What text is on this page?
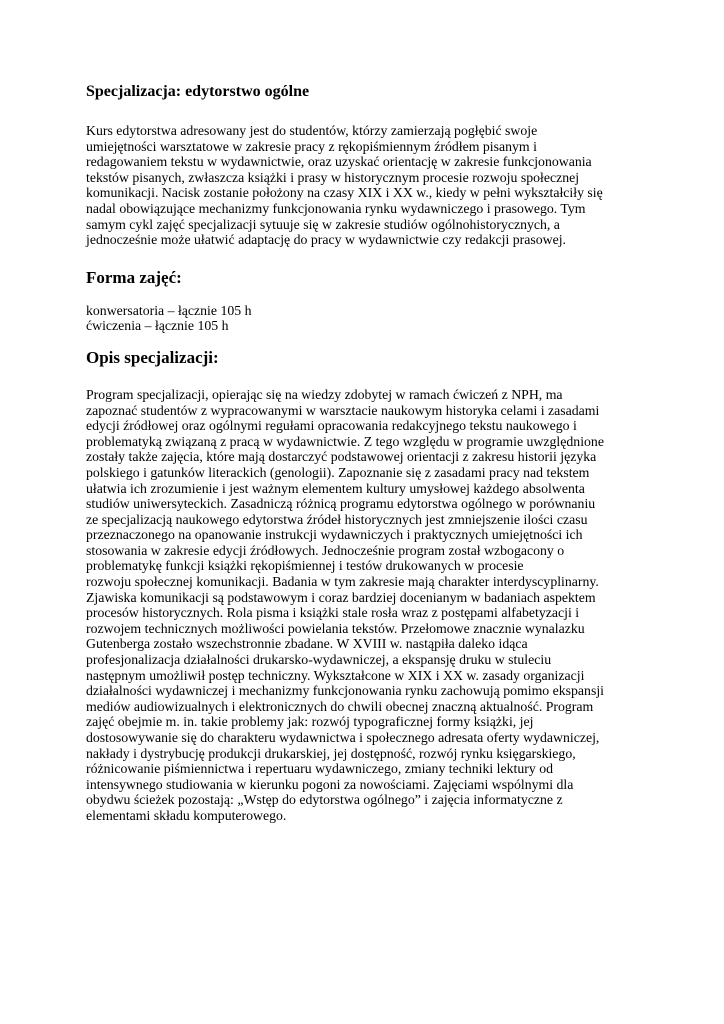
Specjalizacja: edytorstwo ogólne
Kurs edytorstwa adresowany jest do studentów, którzy zamierzają pogłębić swoje
umiejętności warsztatowe w zakresie pracy z rękopiśmiennym źródłem pisanym i
redagowaniem tekstu w wydawnictwie, oraz uzyskać orientację w zakresie funkcjonowania
tekstów pisanych, zwłaszcza książki i prasy w historycznym procesie rozwoju społecznej
komunikacji. Nacisk zostanie położony na czasy XIX i XX w., kiedy w pełni wykształciły się
nadal obowiązujące mechanizmy funkcjonowania rynku wydawniczego i prasowego. Tym
samym cykl zajęć specjalizacji sytuuje się w zakresie studiów ogólnohistorycznych, a
jednocześnie może ułatwić adaptację do pracy w wydawnictwie czy redakcji prasowej.
Forma zajęć:
konwersatoria – łącznie 105 h
ćwiczenia – łącznie 105 h
Opis specjalizacji:
Program specjalizacji, opierając się na wiedzy zdobytej w ramach ćwiczeń z NPH, ma
zapoznać studentów z wypracowanymi w warsztacie naukowym historyka celami i zasadami
edycji źródłowej oraz ogólnymi regułami opracowania redakcyjnego tekstu naukowego i
problematyką związaną z pracą w wydawnictwie. Z tego względu w programie uwzględnione
zostały także zajęcia, które mają dostarczyć podstawowej orientacji z zakresu historii języka
polskiego i gatunków literackich (genologii). Zapoznanie się z zasadami pracy nad tekstem
ułatwia ich zrozumienie i jest ważnym elementem kultury umysłowej każdego absolwenta
studiów uniwersyteckich. Zasadniczą różnicą programu edytorstwa ogólnego w porównaniu
ze specjalizacją naukowego edytorstwa źródeł historycznych jest zmniejszenie ilości czasu
przeznaczonego na opanowanie instrukcji wydawniczych i praktycznych umiejętności ich
stosowania w zakresie edycji źródłowych. Jednocześnie program został wzbogacony o
problematykę funkcji książki rękopiśmiennej i testów drukowanych w procesie
rozwoju społecznej komunikacji. Badania w tym zakresie mają charakter interdyscyplinarny.
Zjawiska komunikacji są podstawowym i coraz bardziej docenianym w badaniach aspektem
procesów historycznych. Rola pisma i książki stale rosła wraz z postępami alfabetyzacji i
rozwojem technicznych możliwości powielania tekstów. Przełomowe znacznie wynalazku
Gutenberga zostało wszechstronnie zbadane. W XVIII w. nastąpiła daleko idąca
profesjonalizacja działalności drukarsko-wydawniczej, a ekspansję druku w stuleciu
następnym umożliwił postęp techniczny. Wykształcone w XIX i XX w. zasady organizacji
działalności wydawniczej i mechanizmy funkcjonowania rynku zachowują pomimo ekspansji
mediów audiowizualnych i elektronicznych do chwili obecnej znaczną aktualność. Program
zajęć obejmie m. in. takie problemy jak: rozwój typograficznej formy książki, jej
dostosowywanie się do charakteru wydawnictwa i społecznego adresata oferty wydawniczej,
nakłady i dystrybucję produkcji drukarskiej, jej dostępność, rozwój rynku księgarskiego,
różnicowanie piśmiennictwa i repertuaru wydawniczego, zmiany techniki lektury od
intensywnego studiowania w kierunku pogoni za nowościami. Zajęciami wspólnymi dla
obydwu ścieżek pozostają: „Wstęp do edytorstwa ogólnego” i zajęcia informatyczne z
elementami składu komputerowego.
